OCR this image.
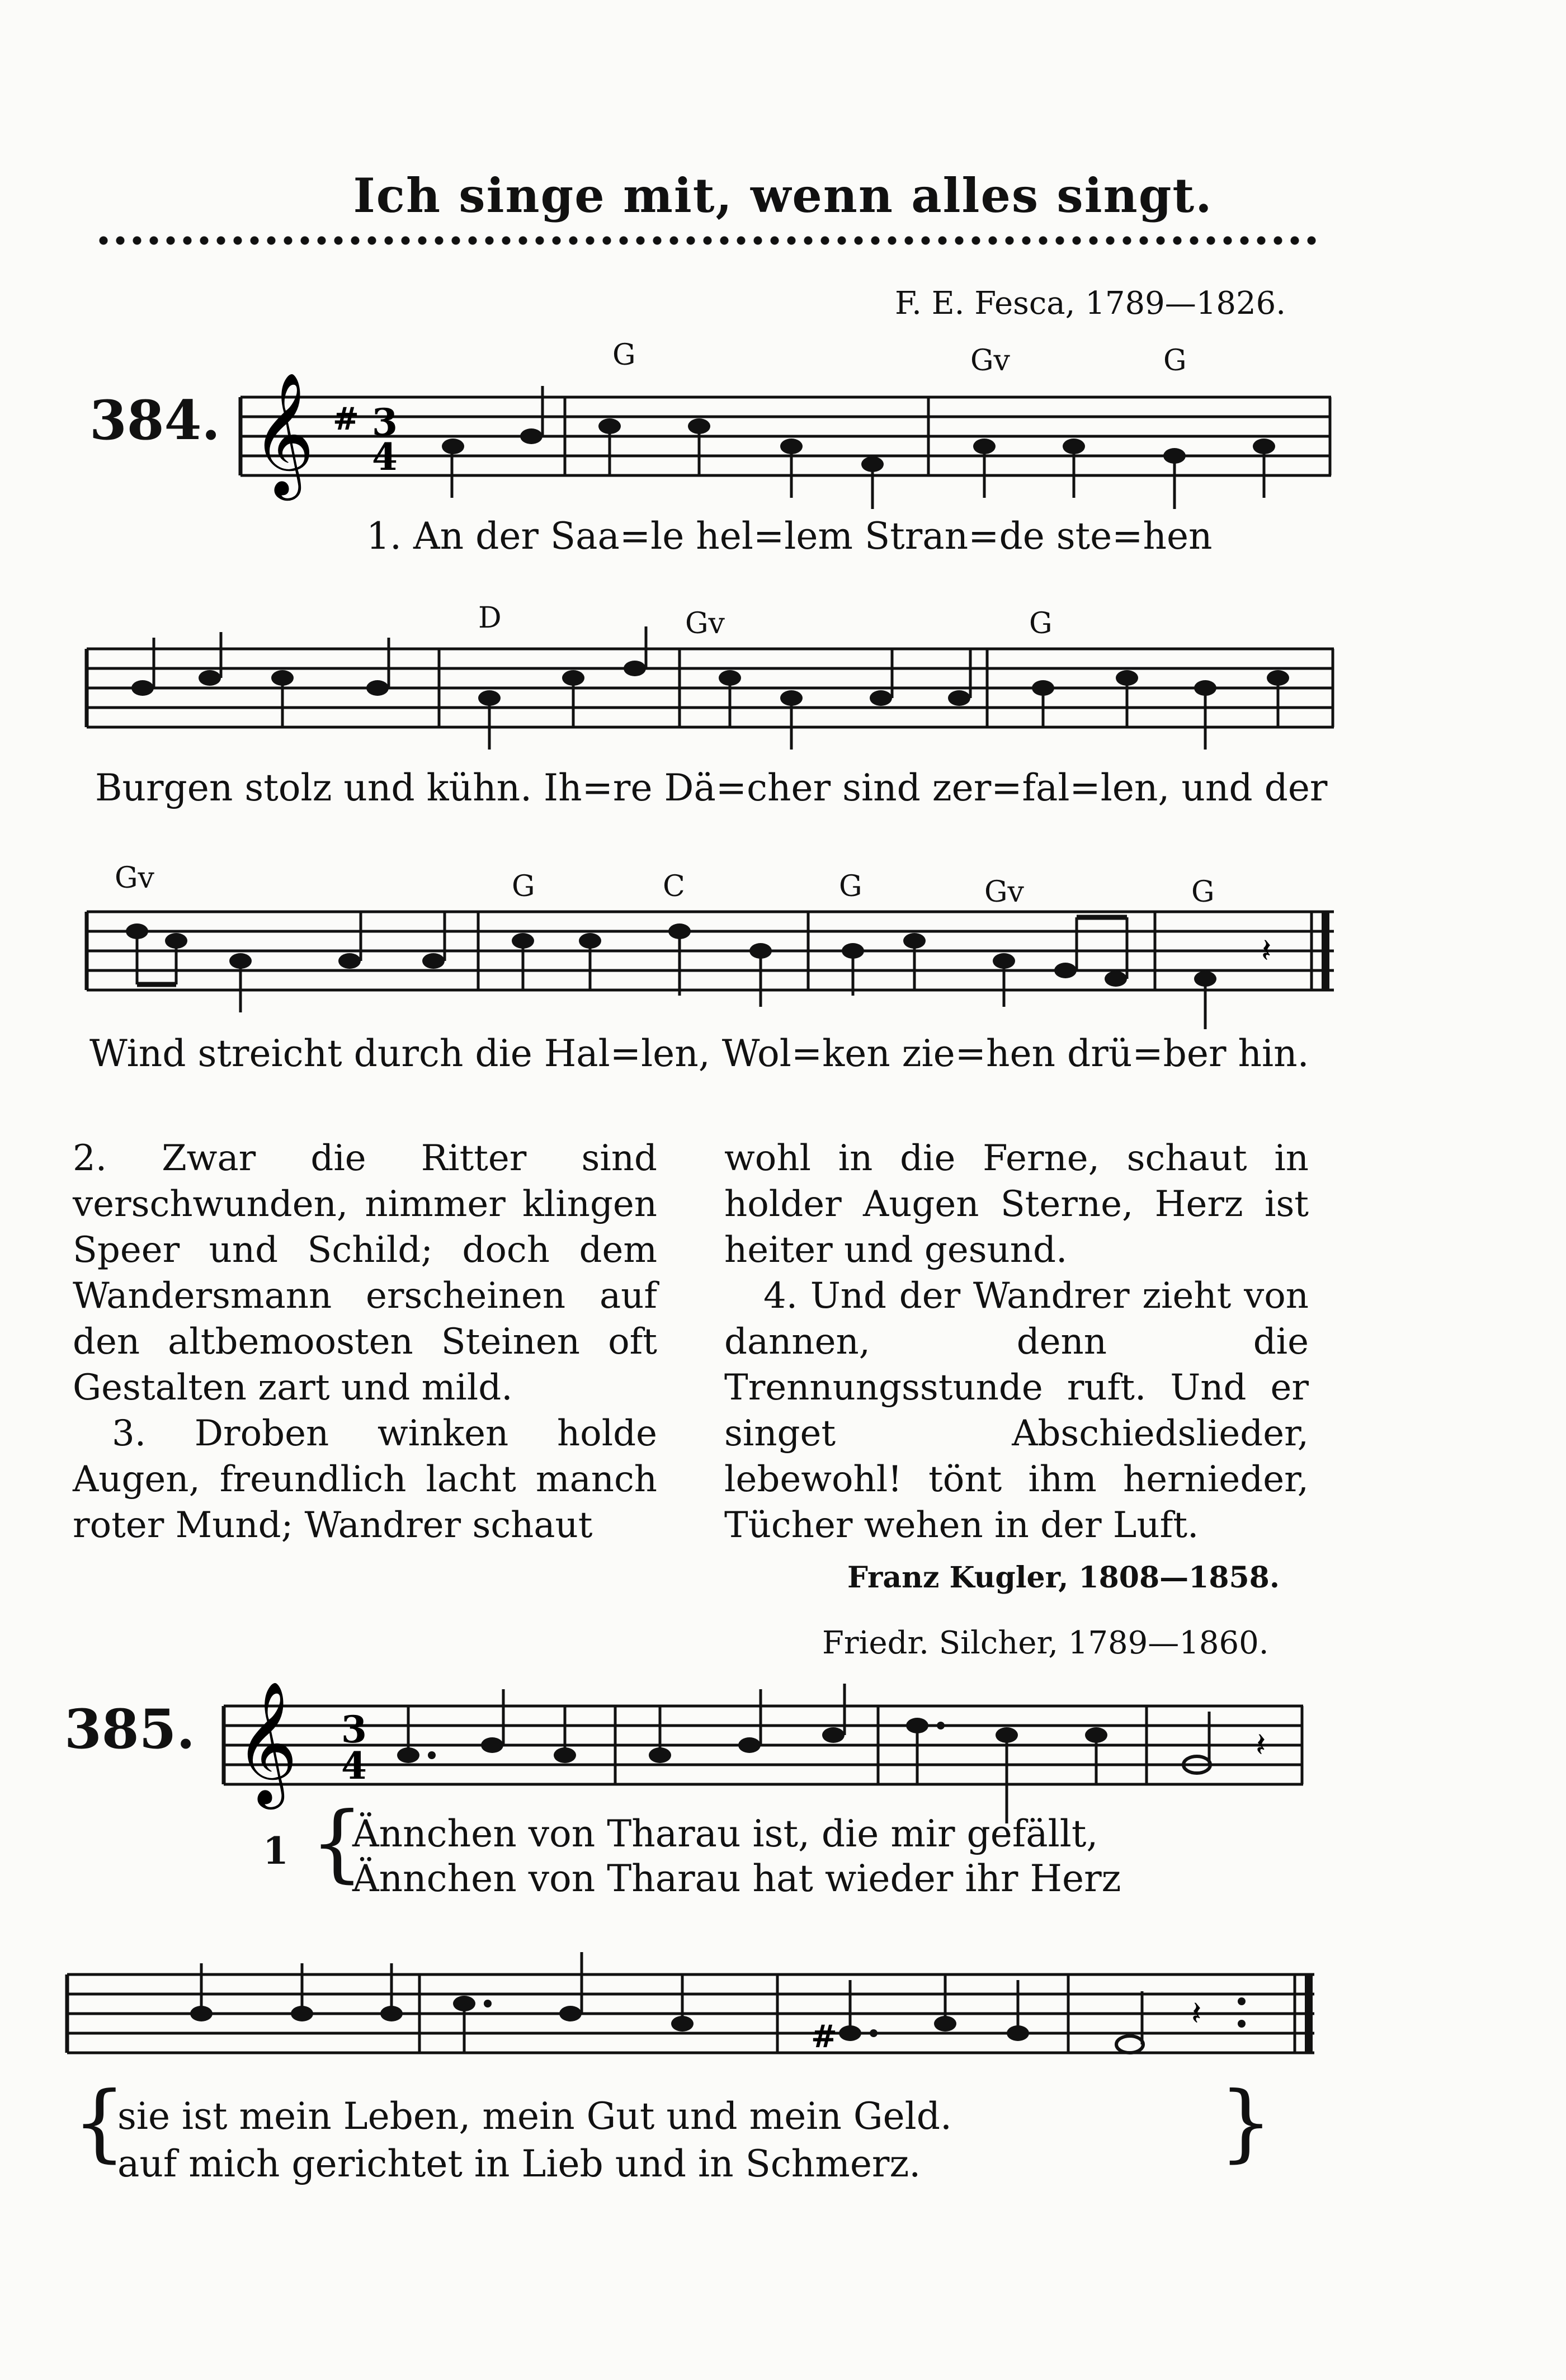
Ich singe mit, wenn alles singt.
F. E. Fesca, 1789—1826.
384.
G	Gv	G
𝄞 # 3
4
1. An der Saa=le hel=lem Stran=de ste=hen
D	Gv	G
Burgen stolz und kühn. Ih=re Dä=cher sind zer=fal=len, und der
Gv	G	C	G	Gv	G
𝄽
Wind streicht durch die Hal=len, Wol=ken zie=hen drü=ber hin.

2. Zwar die Ritter sind verschwunden, nimmer klingen Speer und Schild; doch dem Wandersmann erscheinen auf den altbemoosten Steinen oft Gestalten zart und mild.

3. Droben winken holde Augen, freundlich lacht manch roter Mund; Wandrer schaut

wohl in die Ferne, schaut in holder Augen Sterne, Herz ist heiter und gesund.

4. Und der Wandrer zieht von dannen, denn die Trennungsstunde ruft. Und er singet Abschiedslieder, lebewohl! tönt ihm hernieder, Tücher wehen in der Luft.

Franz Kugler, 1808—1858.
Friedr. Silcher, 1789—1860.
385. 𝄞 3
4	𝄽
1 {
Ännchen von Tharau ist, die mir gefällt,
Ännchen von Tharau hat wieder ihr Herz
#
𝄽
{
sie ist mein Leben, mein Gut und mein Geld.
auf mich gerichtet in Lieb und in Schmerz.	}
